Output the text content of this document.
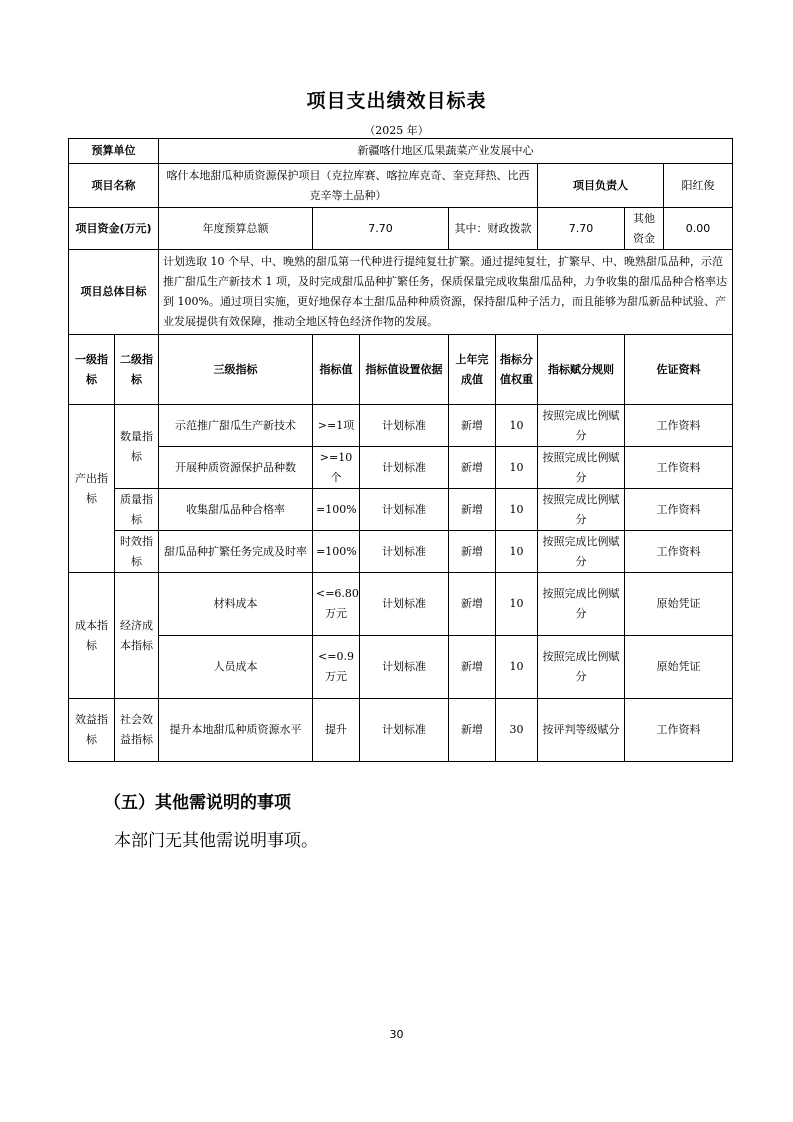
项目支出绩效目标表
（2025 年）
预算单位		新疆喀什地区瓜果蔬菜产业发展中心							
项目名称		喀什本地甜瓜种质资源保护项目（克拉库赛、喀拉库克奇、奎克拜热、比西克辛等土品种）					项目负责人		阳红俊
项目资金(万元)		年度预算总额	7.70		其中：财政拨款		7.70	其他资金	0.00
项目总体目标		计划选取 10 个早、中、晚熟的甜瓜第一代种进行提纯复壮扩繁。通过提纯复壮，扩繁早、中、晚熟甜瓜品种，示范推广甜瓜生产新技术 1 项，及时完成甜瓜品种扩繁任务，保质保量完成收集甜瓜品种，力争收集的甜瓜品种合格率达到 100%。通过项目实施，更好地保存本土甜瓜品种种质资源，保持甜瓜种子活力，而且能够为甜瓜新品种试验、产业发展提供有效保障，推动全地区特色经济作物的发展。							
一级指标	二级指标	三级指标	指标值	指标值设置依据	上年完成值	指标分值权重	指标赋分规则	佐证资料	
产出指标	数量指标	示范推广甜瓜生产新技术	>=1项	计划标准	新增	10	按照完成比例赋分	工作资料	
		开展种质资源保护品种数	>=10个	计划标准	新增	10	按照完成比例赋分	工作资料	
	质量指标	收集甜瓜品种合格率	=100%	计划标准	新增	10	按照完成比例赋分	工作资料	
	时效指标	甜瓜品种扩繁任务完成及时率	=100%	计划标准	新增	10	按照完成比例赋分	工作资料	
成本指标	经济成本指标	材料成本	<=6.80万元	计划标准	新增	10	按照完成比例赋分	原始凭证	
		人员成本	<=0.9万元	计划标准	新增	10	按照完成比例赋分	原始凭证	
效益指标	社会效益指标	提升本地甜瓜种质资源水平	提升	计划标准	新增	30	按评判等级赋分	工作资料	
（五）其他需说明的事项
本部门无其他需说明事项。
30
